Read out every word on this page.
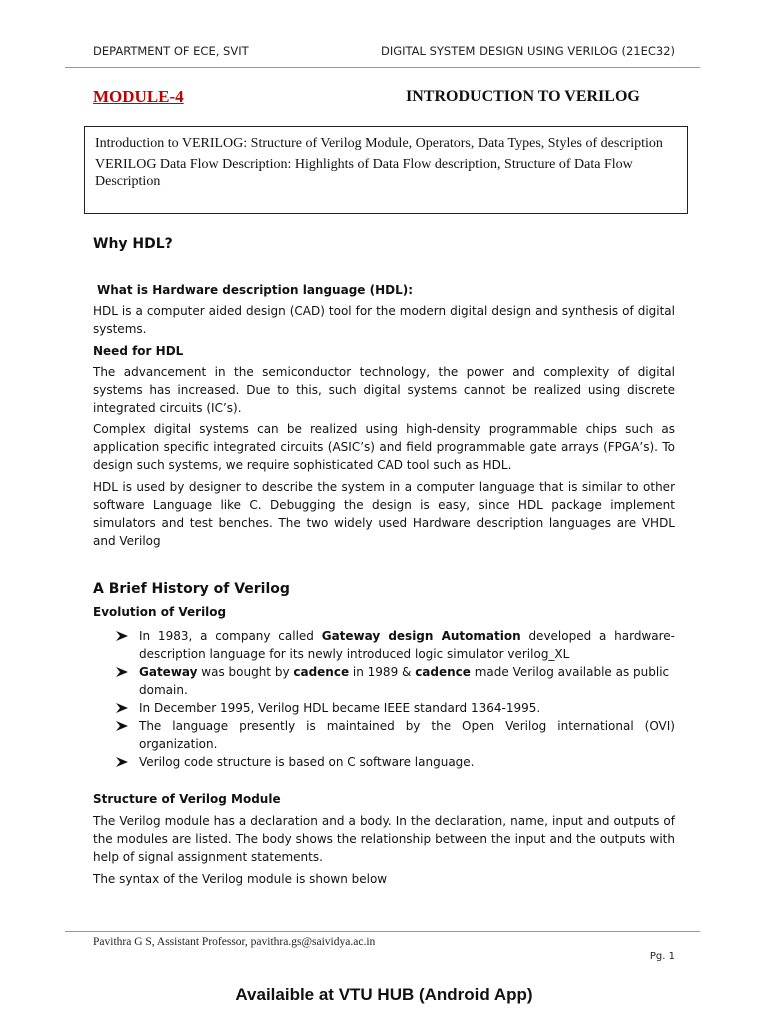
DEPARTMENT OF ECE, SVIT	DIGITAL SYSTEM DESIGN USING VERILOG (21EC32)
MODULE-4	INTRODUCTION TO VERILOG

Introduction to VERILOG: Structure of Verilog Module, Operators, Data Types, Styles of description

VERILOG Data Flow Description: Highlights of Data Flow description, Structure of Data Flow Description

Why HDL?
What is Hardware description language (HDL):
HDL is a computer aided design (CAD) tool for the modern digital design and synthesis of digital systems.
Need for HDL
The advancement in the semiconductor technology, the power and complexity of digital systems has increased. Due to this, such digital systems cannot be realized using discrete integrated circuits (IC’s).
Complex digital systems can be realized using high-density programmable chips such as application specific integrated circuits (ASIC’s) and field programmable gate arrays (FPGA’s). To design such systems, we require sophisticated CAD tool such as HDL.
HDL is used by designer to describe the system in a computer language that is similar to other software Language like C. Debugging the design is easy, since HDL package implement simulators and test benches. The two widely used Hardware description languages are VHDL and Verilog
A Brief History of Verilog
Evolution of Verilog
In 1983, a company called Gateway design Automation developed a hardware-description language for its newly introduced logic simulator verilog_XL
Gateway was bought by cadence in 1989 & cadence made Verilog available as public domain.
In December 1995, Verilog HDL became IEEE standard 1364-1995.
The language presently is maintained by the Open Verilog international (OVI) organization.
Verilog code structure is based on C software language.
Structure of Verilog Module
The Verilog module has a declaration and a body. In the declaration, name, input and outputs of the modules are listed. The body shows the relationship between the input and the outputs with help of signal assignment statements.
The syntax of the Verilog module is shown below
Pavithra G S, Assistant Professor, pavithra.gs@saividya.ac.in
Pg. 1
Availaible at VTU HUB (Android App)
